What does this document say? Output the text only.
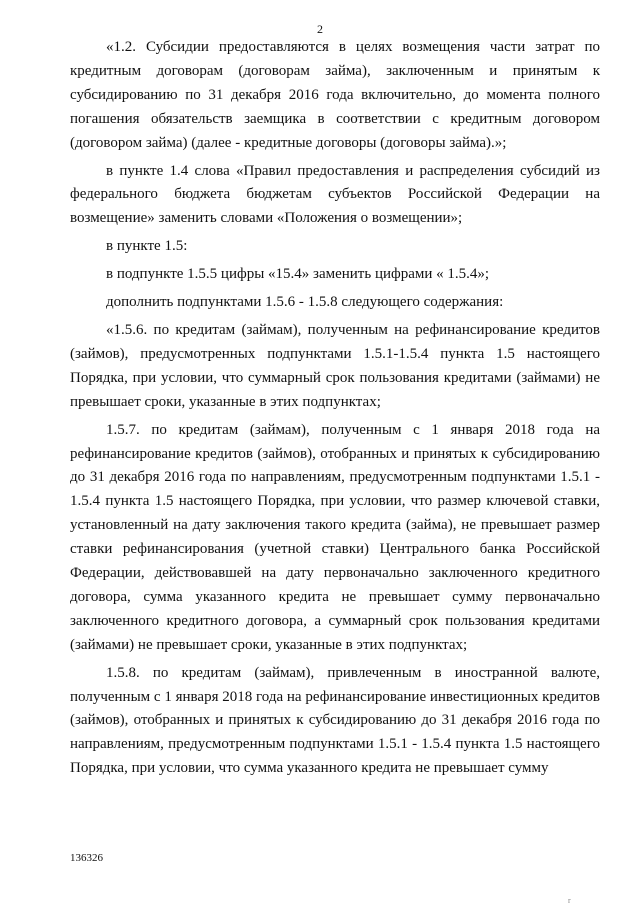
2

«1.2. Субсидии предоставляются в целях возмещения части затрат по кредитным договорам (договорам займа), заключенным и принятым к субсидированию по 31 декабря 2016 года включительно, до момента полного погашения обязательств заемщика в соответствии с кредитным договором (договором займа) (далее - кредитные договоры (договоры займа).»;

в пункте 1.4 слова «Правил предоставления и распределения субсидий из федерального бюджета бюджетам субъектов Российской Федерации на возмещение» заменить словами «Положения о возмещении»;

в пункте 1.5:

в подпункте 1.5.5 цифры «15.4» заменить цифрами « 1.5.4»;

дополнить подпунктами 1.5.6 - 1.5.8 следующего содержания:

«1.5.6. по кредитам (займам), полученным на рефинансирование кредитов (займов), предусмотренных подпунктами 1.5.1-1.5.4 пункта 1.5 настоящего Порядка, при условии, что суммарный срок пользования кредитами (займами) не превышает сроки, указанные в этих подпунктах;

1.5.7. по кредитам (займам), полученным с 1 января 2018 года на рефинансирование кредитов (займов), отобранных и принятых к субсидированию до 31 декабря 2016 года по направлениям, предусмотренным подпунктами 1.5.1 - 1.5.4 пункта 1.5 настоящего Порядка, при условии, что размер ключевой ставки, установленный на дату заключения такого кредита (займа), не превышает размер ставки рефинансирования (учетной ставки) Центрального банка Российской Федерации, действовавшей на дату первоначально заключенного кредитного договора, сумма указанного кредита не превышает сумму первоначально заключенного кредитного договора, а суммарный срок пользования кредитами (займами) не превышает сроки, указанные в этих подпунктах;

1.5.8. по кредитам (займам), привлеченным в иностранной валюте, полученным с 1 января 2018 года на рефинансирование инвестиционных кредитов (займов), отобранных и принятых к субсидированию до 31 декабря 2016 года по направлениям, предусмотренным подпунктами 1.5.1 - 1.5.4 пункта 1.5 настоящего Порядка, при условии, что сумма указанного кредита не превышает сумму

136326
r
